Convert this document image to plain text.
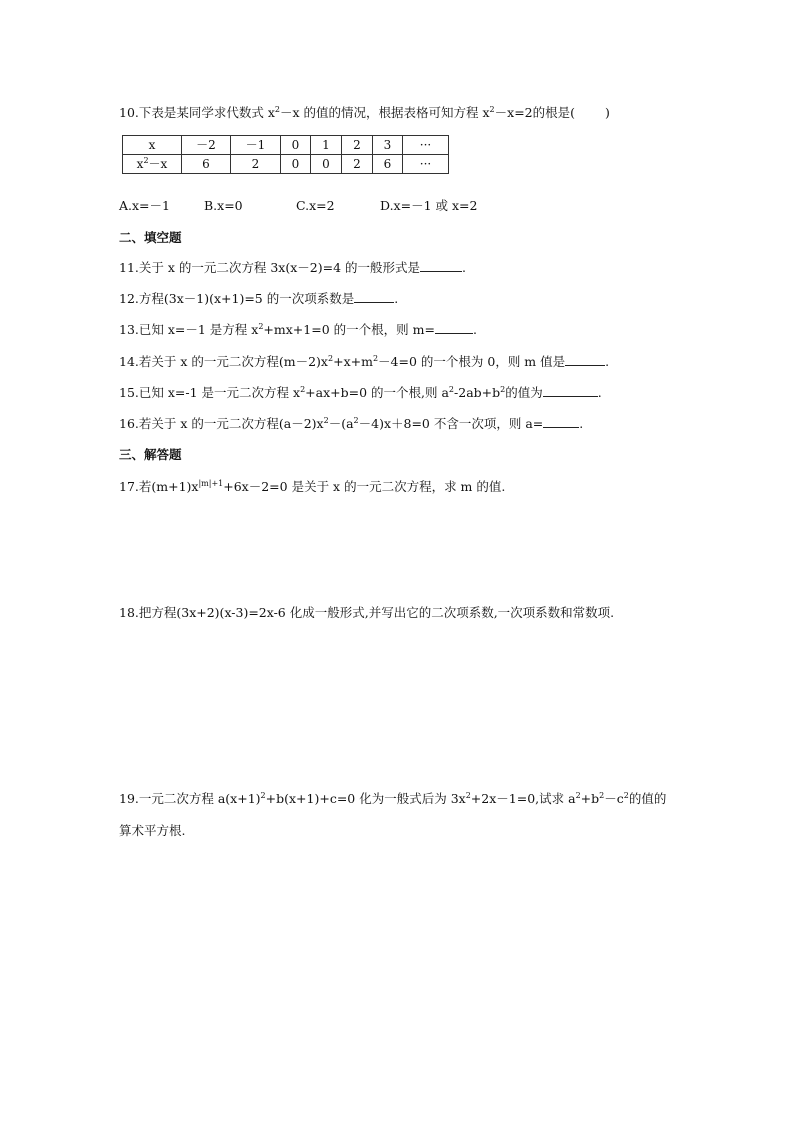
10.下表是某同学求代数式 $x^2-x$ 的值的情况，根据表格可知方程 $x^2-x=2$的根是( )
x	－2	－1	0	1	2	3	···
$x^2-x$	6	2	0	0	2	6	···
A.x=－1	B.x=0	C.x=2	D.x=－1 或 x=2
二、填空题
11.关于 x 的一元二次方程 3x(x－2)=4 的一般形式是	.
12.方程(3x－1)(x+1)=5 的一次项系数是	.
13.已知 x=－1 是方程 $x^2+mx+1=0$ 的一个根，则 m=	.
14.若关于 x 的一元二次方程$(m-2)x^2+x+m^2-4=0$ 的一个根为 0，则 m 值是	.
15.已知 x=-1 是一元二次方程 $x^2+ax+b=0$ 的一个根,则 $a^2-2ab+b^2$的值为	.
16.若关于 x 的一元二次方程$(a-2)x^2-(a^2-4)x+8=0$ 不含一次项，则 a=	.
三、解答题
17.若$(m+1)x^{|m|+1}+6x-2=0$ 是关于 x 的一元二次方程，求 m 的值.
18.把方程(3x+2)(x-3)=2x-6 化成一般形式,并写出它的二次项系数,一次项系数和常数项.
19.一元二次方程 $a(x+1)^2+b(x+1)+c=0$ 化为一般式后为 $3x^2+2x-1=0$,试求 $a^2+b^2-c^2$的值的
算术平方根.
